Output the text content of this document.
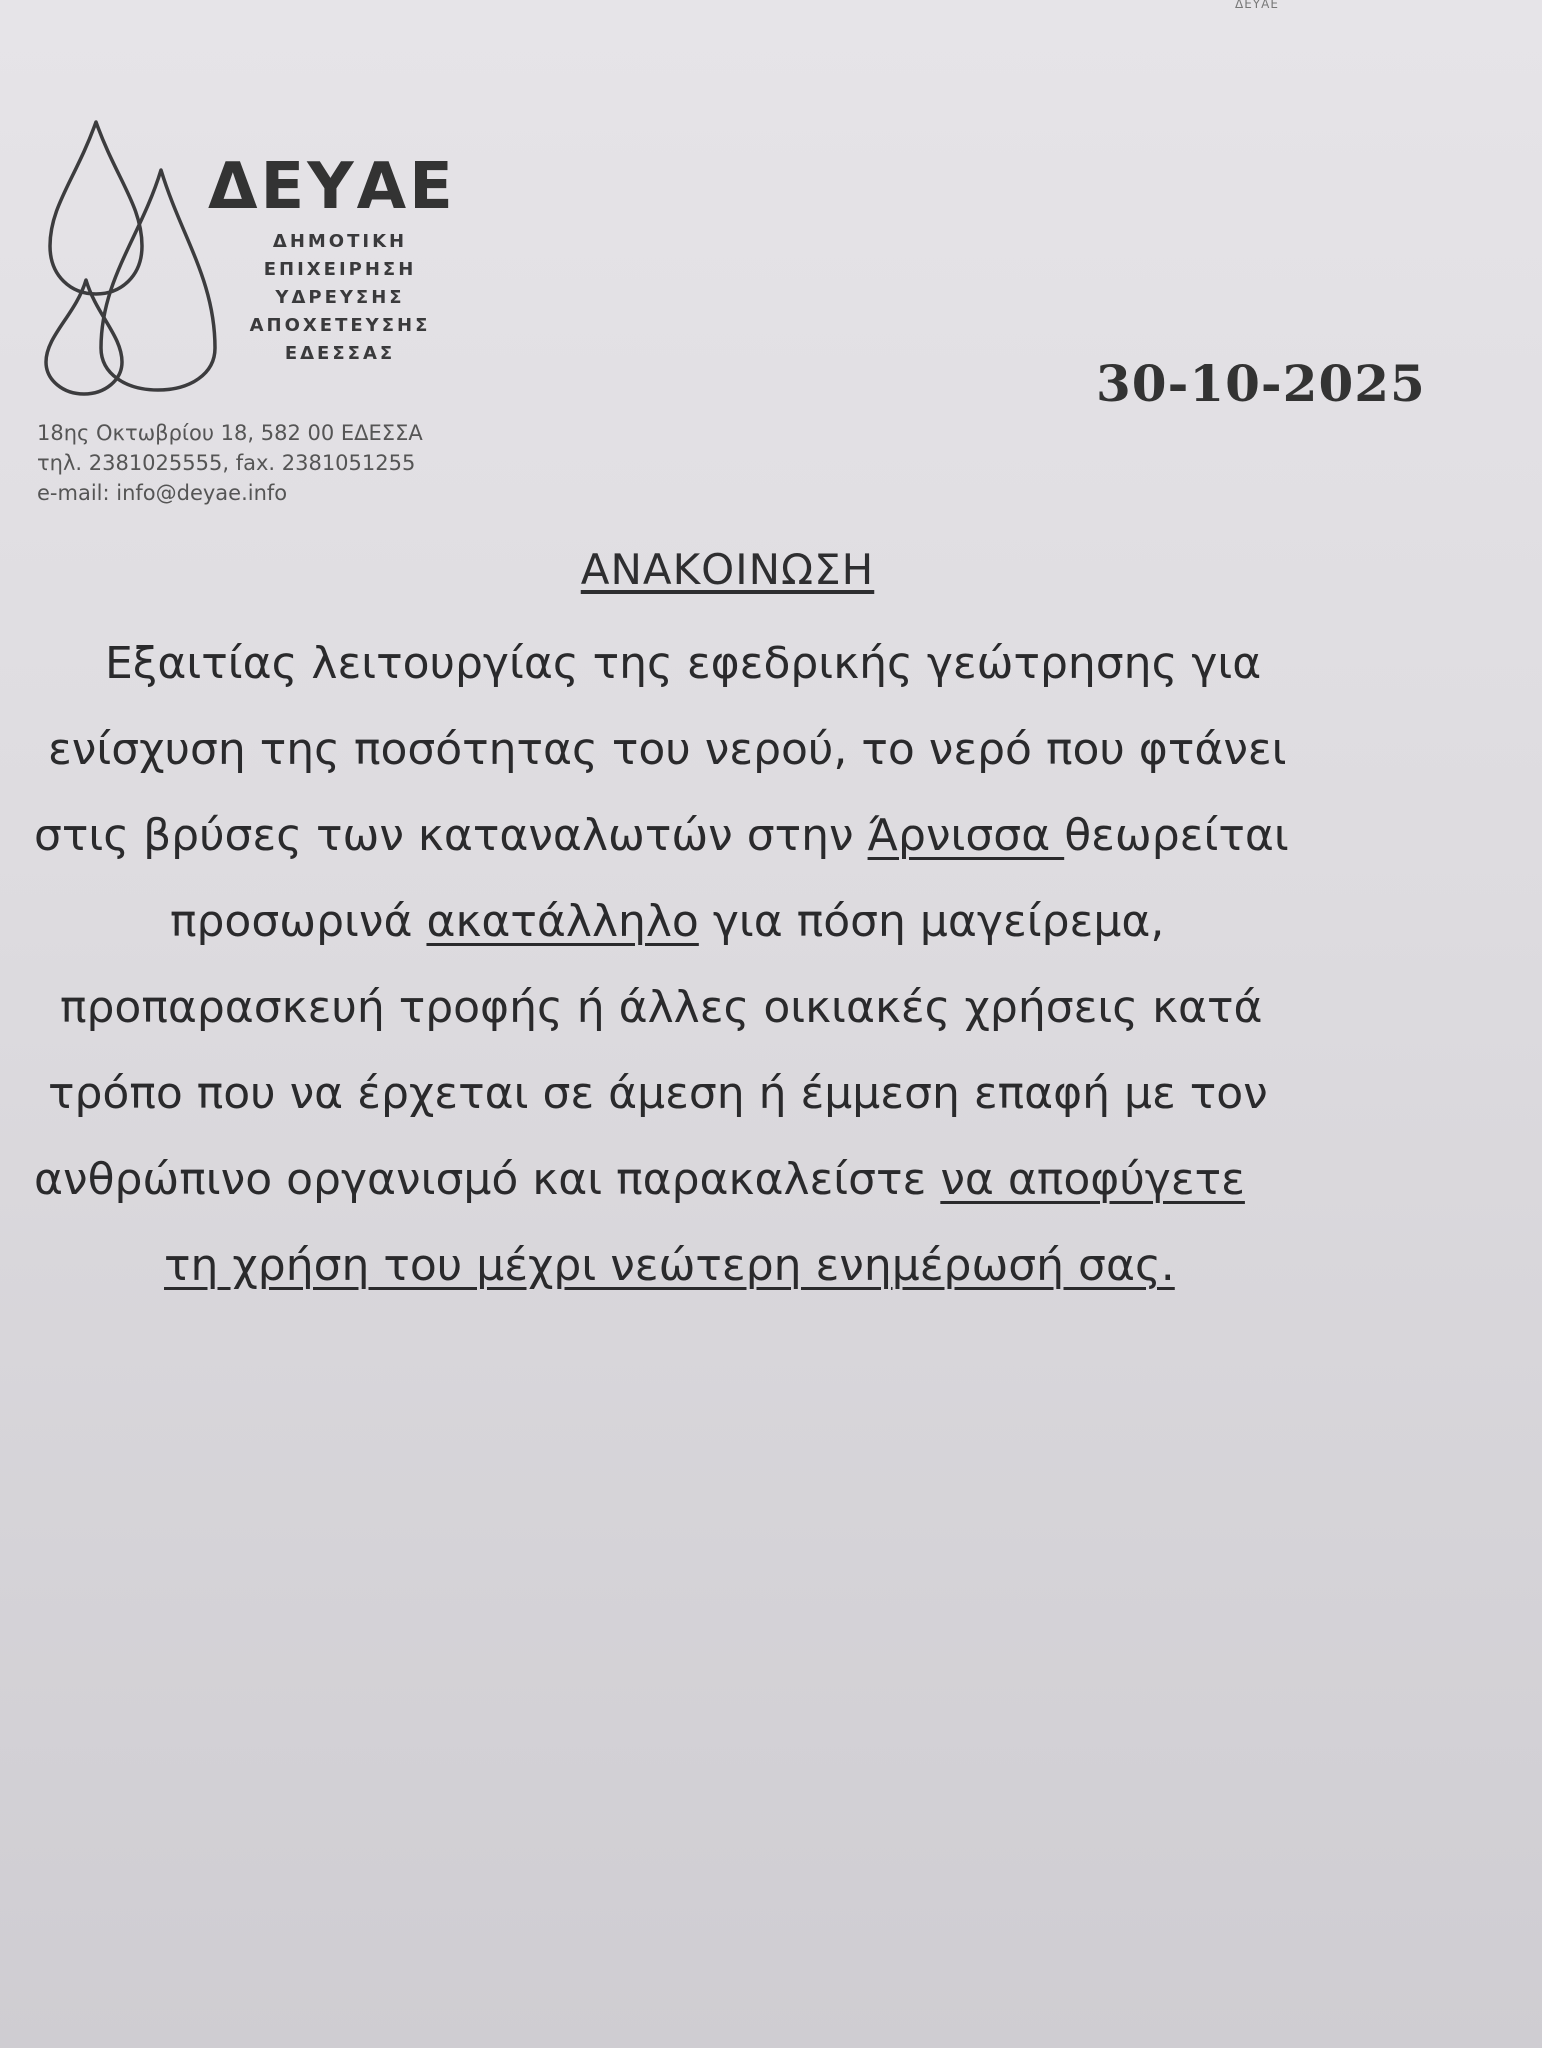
ΔΕΥΑΕ
ΔΕΥΑΕ
ΔΗΜΟΤΙΚΗ
ΕΠΙΧΕΙΡΗΣΗ
ΥΔΡΕΥΣΗΣ
ΑΠΟΧΕΤΕΥΣΗΣ
ΕΔΕΣΣΑΣ
18ης Οκτωβρίου 18, 582 00 ΕΔΕΣΣΑ
τηλ. 2381025555, fax. 2381051255
e-mail: info@deyae.info
30-10-2025
ΑΝΑΚΟΙΝΩΣΗ
Εξαιτίας λειτουργίας της εφεδρικής γεώτρησης για
ενίσχυση της ποσότητας του νερού, το νερό που φτάνει
στις βρύσες των καταναλωτών στην Άρνισσα θεωρείται
προσωρινά ακατάλληλο για πόση μαγείρεμα,
προπαρασκευή τροφής ή άλλες οικιακές χρήσεις κατά
τρόπο που να έρχεται σε άμεση ή έμμεση επαφή με τον
ανθρώπινο οργανισμό και παρακαλείστε να αποφύγετε
τη χρήση του μέχρι νεώτερη ενημέρωσή σας.
